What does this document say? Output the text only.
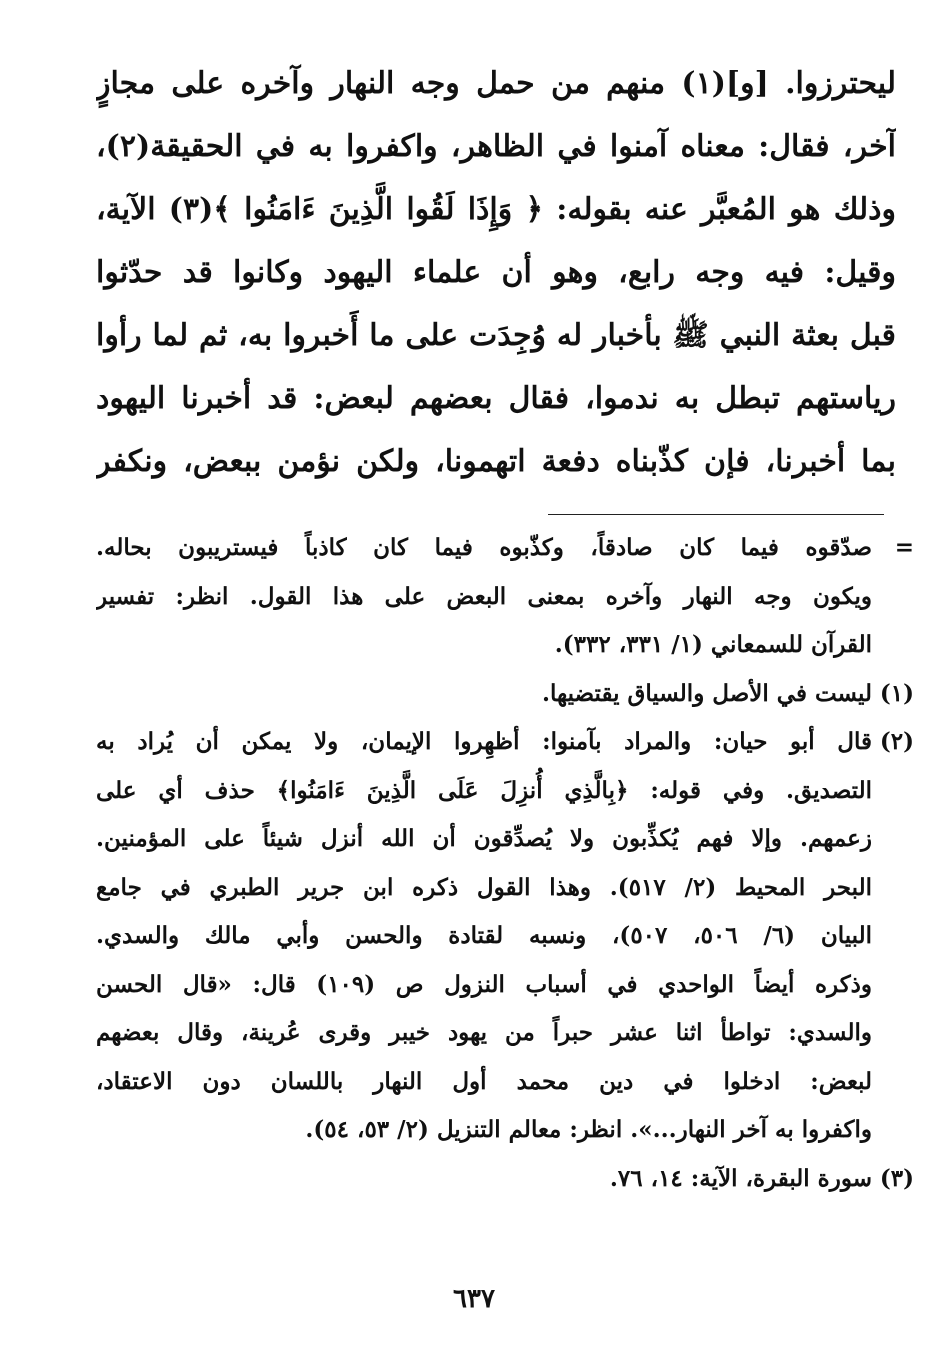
ليحترزوا. [و](١) منهم من حمل وجه النهار وآخره على مجازٍ
آخر، فقال: معناه آمنوا في الظاهر، واكفروا به في الحقيقة(٢)،
وذلك هو المُعبَّر عنه بقوله: ﴿ وَإِذَا لَقُوا الَّذِينَ ءَامَنُوا ﴾(٣) الآية،
وقيل: فيه وجه رابع، وهو أن علماء اليهود وكانوا قد حدّثوا
قبل بعثة النبي ﷺ بأخبار له وُجِدَت على ما أَخبروا به، ثم لما رأوا
رياستهم تبطل به ندموا، فقال بعضهم لبعض: قد أخبرنا اليهود
بما أخبرنا، فإن كذّبناه دفعة اتهمونا، ولكن نؤمن ببعض، ونكفر
=صدّقوه فيما كان صادقاً، وكذّبوه فيما كان كاذباً فيستريبون بحاله.
ويكون وجه النهار وآخره بمعنى البعض على هذا القول. انظر: تفسير
القرآن للسمعاني (١/ ٣٣١، ٣٣٢).
(١)ليست في الأصل والسياق يقتضيها.
(٢)قال أبو حيان: والمراد بآمنوا: أظهِروا الإيمان، ولا يمكن أن يُراد به
التصديق. وفي قوله: ﴿بِالَّذِي أُنزِلَ عَلَى الَّذِينَ ءَامَنُوا﴾ حذف أي على
زعمهم. وإلا فهم يُكذِّبون ولا يُصدِّقون أن الله أنزل شيئاً على المؤمنين.
البحر المحيط (٢/ ٥١٧). وهذا القول ذكره ابن جرير الطبري في جامع
البيان (٦/ ٥٠٦، ٥٠٧)، ونسبه لقتادة والحسن وأبي مالك والسدي.
وذكره أيضاً الواحدي في أسباب النزول ص (١٠٩) قال: «قال الحسن
والسدي: تواطأ اثنا عشر حبراً من يهود خيبر وقرى عُرينة، وقال بعضهم
لبعض: ادخلوا في دين محمد أول النهار باللسان دون الاعتقاد،
واكفروا به آخر النهار...». انظر: معالم التنزيل (٢/ ٥٣، ٥٤).
(٣)سورة البقرة، الآية: ١٤، ٧٦.
٦٣٧
